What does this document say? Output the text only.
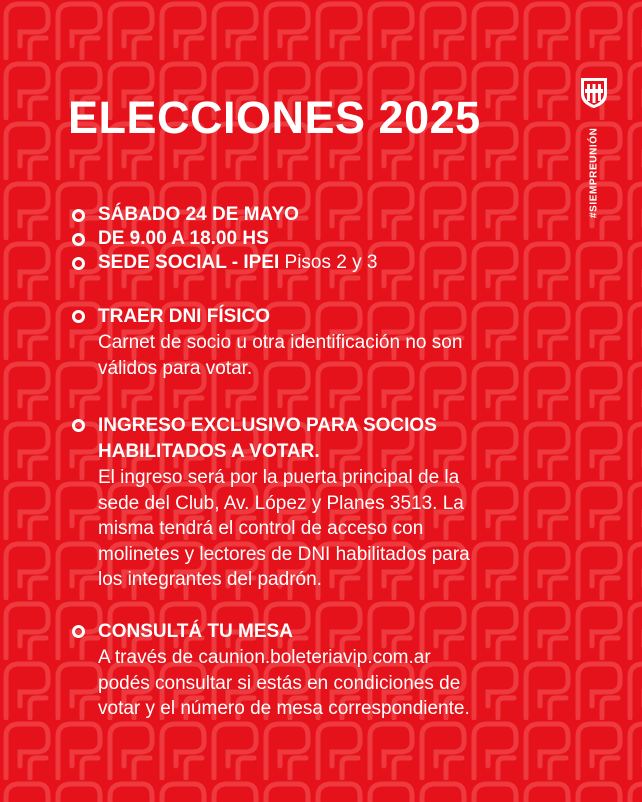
ELECCIONES 2025
#SIEMPREUNIÓN
SÁBADO 24 DE MAYO
DE 9.00 A 18.00 HS
SEDE SOCIAL - IPEI Pisos 2 y 3
TRAER DNI FÍSICO
Carnet de socio u otra identificación no son
válidos para votar.
INGRESO EXCLUSIVO PARA SOCIOS
HABILITADOS A VOTAR.
El ingreso será por la puerta principal de la
sede del Club, Av. López y Planes 3513. La
misma tendrá el control de acceso con
molinetes y lectores de DNI habilitados para
los integrantes del padrón.
CONSULTÁ TU MESA
A través de caunion.boleteriavip.com.ar
podés consultar si estás en condiciones de
votar y el número de mesa correspondiente.
